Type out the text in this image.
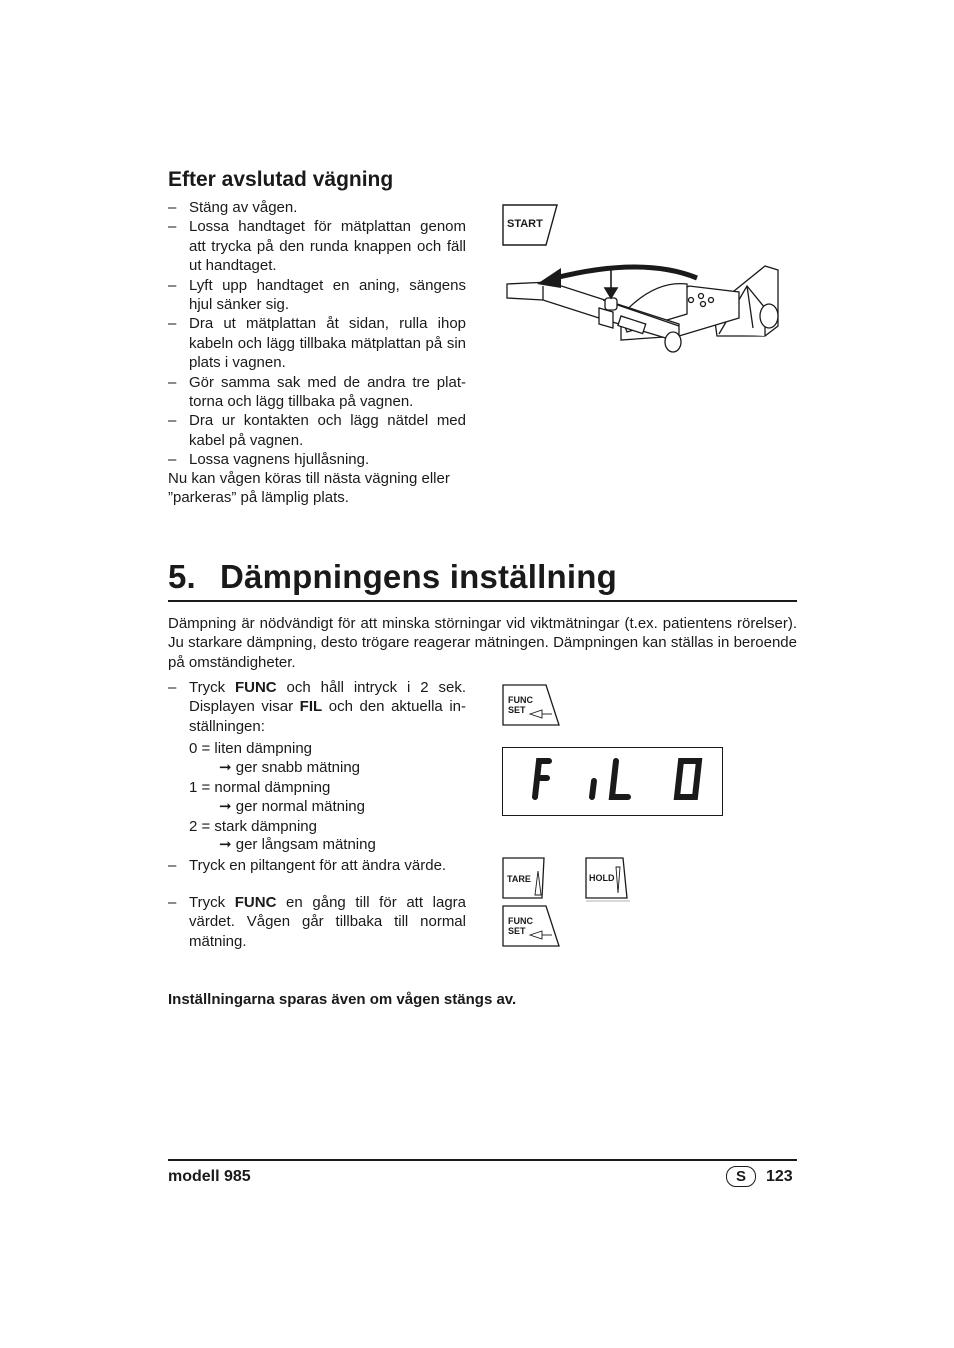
Efter avslutad vägning
– Stäng av vågen.
– Lossa handtaget för mätplattan genom att trycka på den runda knappen och fäll ut handtaget.
– Lyft upp handtaget en aning, sängens hjul sänker sig.
– Dra ut mätplattan åt sidan, rulla ihop kabeln och lägg tillbaka mätplattan på sin plats i vagnen.
– Gör samma sak med de andra tre plattorna och lägg tillbaka på vagnen.
– Dra ur kontakten och lägg nätdel med kabel på vagnen.
– Lossa vagnens hjullåsning.

Nu kan vågen köras till nästa vägning eller ”parkeras” på lämplig plats.

START
5. Dämpningens inställning

Dämpning är nödvändigt för att minska störningar vid viktmätningar (t.ex. patientens rörelser). Ju starkare dämpning, desto trögare reagerar mätningen. Dämpningen kan ställas in beroende på omständigheter.

– Tryck FUNC och håll intryck i 2 sek. Displayen visar FIL och den aktuella inställningen:
0 = liten dämpning
➞ ger snabb mätning
1 = normal dämpning
➞ ger normal mätning
2 = stark dämpning
➞ ger långsam mätning
– Tryck en piltangent för att ändra värde.
– Tryck FUNC en gång till för att lagra värdet. Vågen går tillbaka till normal mätning.

Inställningarna sparas även om vågen stängs av.

FUNC
SET
TARE	HOLD
FUNC
SET
modell 985	S	123
